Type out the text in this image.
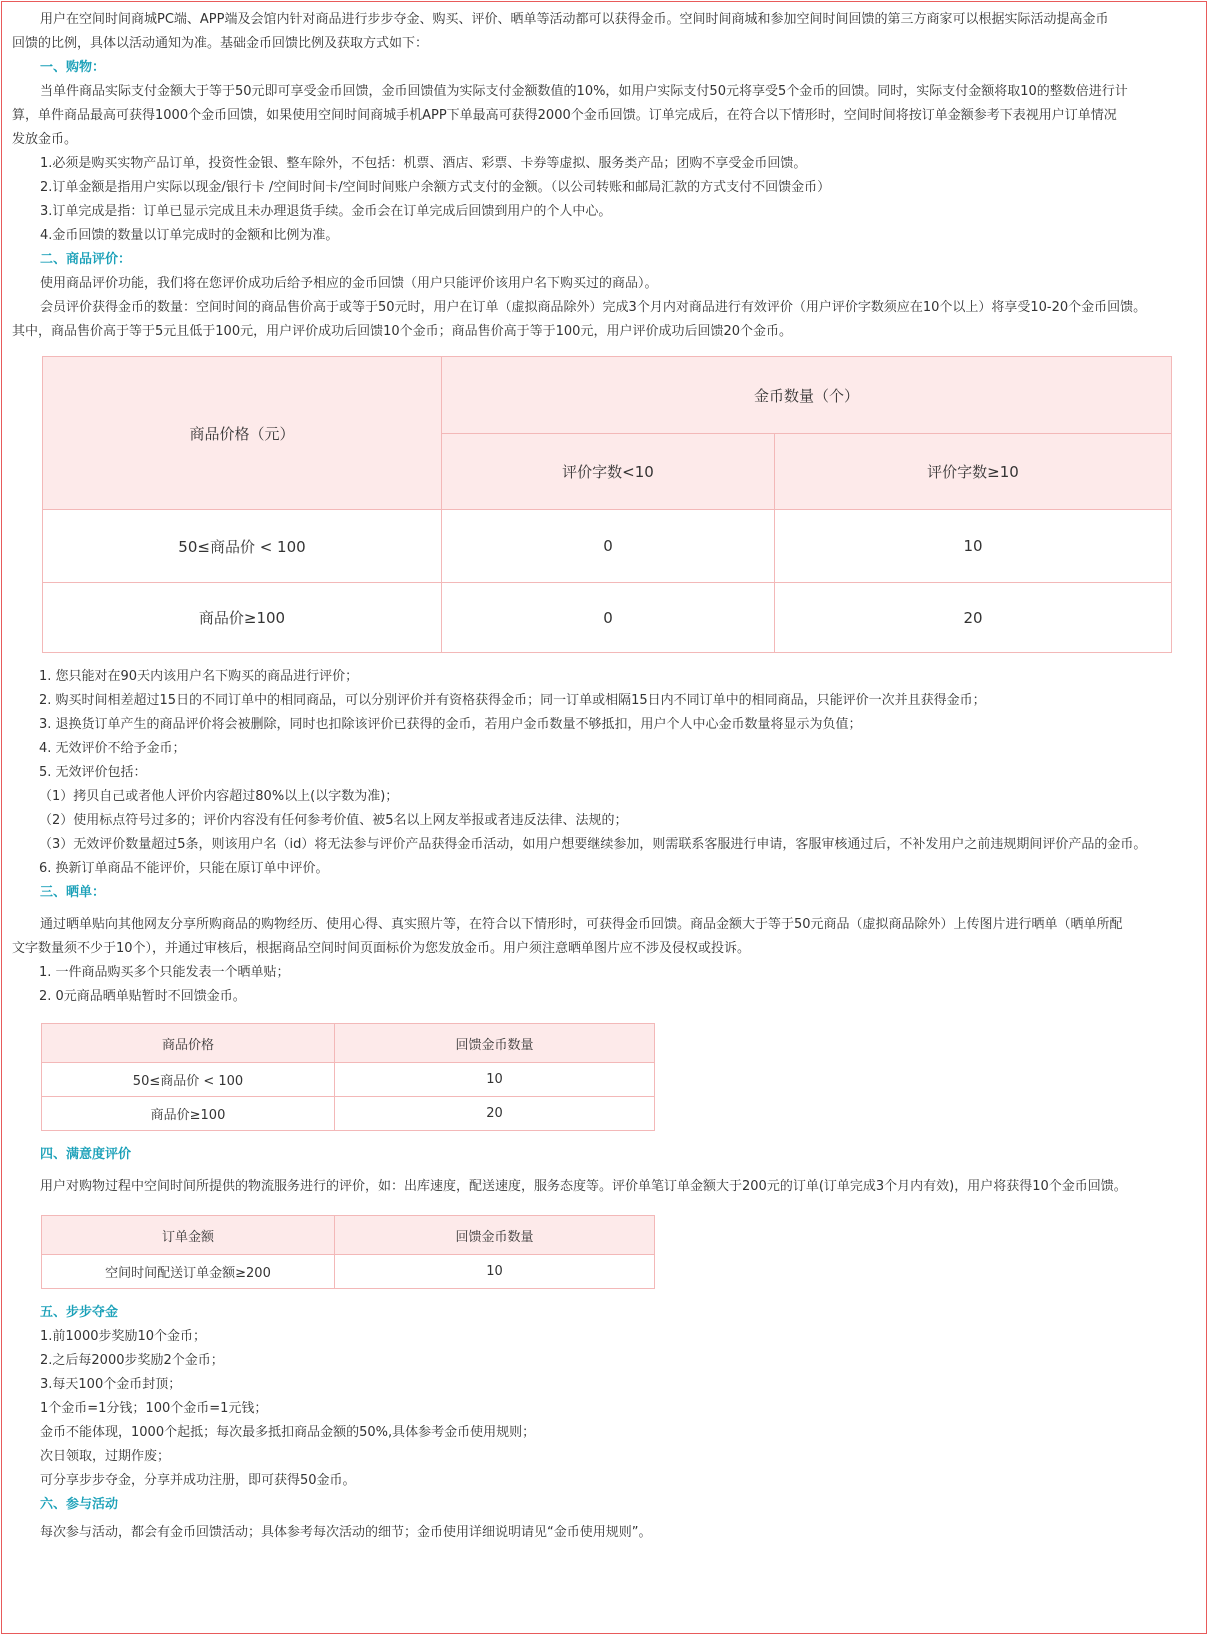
用户在空间时间商城PC端、APP端及会馆内针对商品进行步步夺金、购买、评价、晒单等活动都可以获得金币。空间时间商城和参加空间时间回馈的第三方商家可以根据实际活动提高金币

回馈的比例，具体以活动通知为准。基础金币回馈比例及获取方式如下：

一、购物：

当单件商品实际支付金额大于等于50元即可享受金币回馈，金币回馈值为实际支付金额数值的10%，如用户实际支付50元将享受5个金币的回馈。同时，实际支付金额将取10的整数倍进行计

算，单件商品最高可获得1000个金币回馈，如果使用空间时间商城手机APP下单最高可获得2000个金币回馈。订单完成后，在符合以下情形时，空间时间将按订单金额参考下表视用户订单情况

发放金币。

1.必须是购买实物产品订单，投资性金银、整车除外，不包括：机票、酒店、彩票、卡券等虚拟、服务类产品；团购不享受金币回馈。

2.订单金额是指用户实际以现金/银行卡 /空间时间卡/空间时间账户余额方式支付的金额。（以公司转账和邮局汇款的方式支付不回馈金币）

3.订单完成是指：订单已显示完成且未办理退货手续。金币会在订单完成后回馈到用户的个人中心。

4.金币回馈的数量以订单完成时的金额和比例为准。

二、商品评价：

使用商品评价功能，我们将在您评价成功后给予相应的金币回馈（用户只能评价该用户名下购买过的商品）。

会员评价获得金币的数量：空间时间的商品售价高于或等于50元时，用户在订单（虚拟商品除外）完成3个月内对商品进行有效评价（用户评价字数须应在10个以上）将享受10-20个金币回馈。

其中，商品售价高于等于5元且低于100元，用户评价成功后回馈10个金币；商品售价高于等于100元，用户评价成功后回馈20个金币。

商品价格（元）	金币数量（个）	
	评价字数<10	评价字数≥10
50≤商品价 < 100	0	10
商品价≥100	0	20

1. 您只能对在90天内该用户名下购买的商品进行评价；

2. 购买时间相差超过15日的不同订单中的相同商品，可以分别评价并有资格获得金币；同一订单或相隔15日内不同订单中的相同商品，只能评价一次并且获得金币；

3. 退换货订单产生的商品评价将会被删除，同时也扣除该评价已获得的金币，若用户金币数量不够抵扣，用户个人中心金币数量将显示为负值；

4. 无效评价不给予金币；

5. 无效评价包括：

（1）拷贝自己或者他人评价内容超过80%以上(以字数为准)；

（2）使用标点符号过多的；评价内容没有任何参考价值、被5名以上网友举报或者违反法律、法规的；

（3）无效评价数量超过5条，则该用户名（id）将无法参与评价产品获得金币活动，如用户想要继续参加，则需联系客服进行申请，客服审核通过后，不补发用户之前违规期间评价产品的金币。

6. 换新订单商品不能评价，只能在原订单中评价。

三、晒单：

通过晒单贴向其他网友分享所购商品的购物经历、使用心得、真实照片等，在符合以下情形时，可获得金币回馈。商品金额大于等于50元商品（虚拟商品除外）上传图片进行晒单（晒单所配

文字数量须不少于10个），并通过审核后，根据商品空间时间页面标价为您发放金币。用户须注意晒单图片应不涉及侵权或投诉。

1. 一件商品购买多个只能发表一个晒单贴；

2. 0元商品晒单贴暂时不回馈金币。

商品价格	回馈金币数量
50≤商品价 < 100	10
商品价≥100	20

四、满意度评价

用户对购物过程中空间时间所提供的物流服务进行的评价，如：出库速度，配送速度，服务态度等。评价单笔订单金额大于200元的订单(订单完成3个月内有效)，用户将获得10个金币回馈。

订单金额	回馈金币数量
空间时间配送订单金额≥200	10

五、步步夺金

1.前1000步奖励10个金币；

2.之后每2000步奖励2个金币；

3.每天100个金币封顶；

1个金币=1分钱；100个金币=1元钱；

金币不能体现，1000个起抵；每次最多抵扣商品金额的50%,具体参考金币使用规则；

次日领取，过期作废；

可分享步步夺金，分享并成功注册，即可获得50金币。

六、参与活动

每次参与活动，都会有金币回馈活动；具体参考每次活动的细节；金币使用详细说明请见“金币使用规则”。
